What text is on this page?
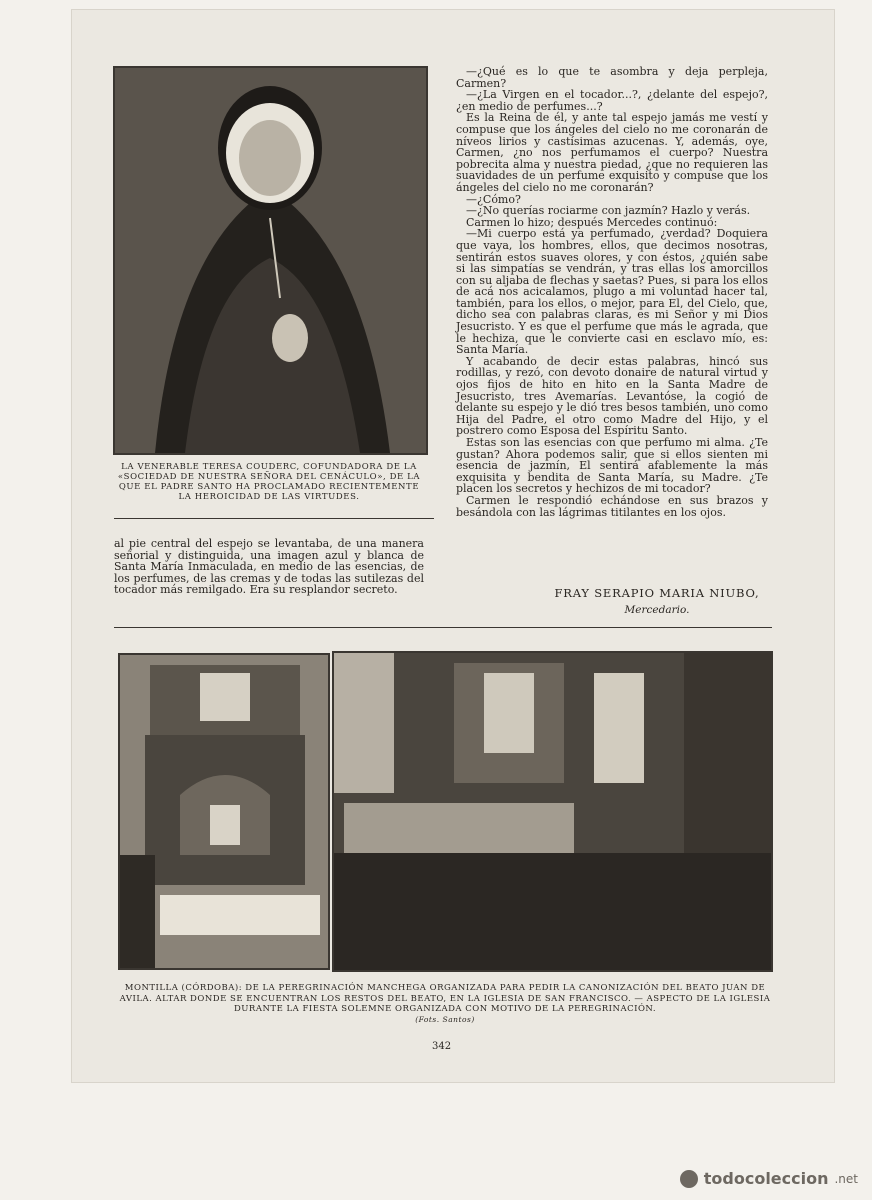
LA VENERABLE TERESA COUDERC, COFUNDADORA DE LA «SOCIEDAD DE NUESTRA SEÑORA DEL CENÁCULO», DE LA QUE EL PADRE SANTO HA PROCLAMADO RECIENTEMENTE LA HEROICIDAD DE LAS VIRTUDES.

—¿Qué es lo que te asombra y deja perpleja, Carmen?

—¿La Virgen en el tocador...?, ¿delante del espejo?, ¿en medio de perfumes...?

Es la Reina de él, y ante tal espejo jamás me vestí y compuse que los ángeles del cielo no me coronarán de níveos lirios y castísimas azucenas. Y, además, oye, Carmen, ¿no nos perfumamos el cuerpo? Nuestra pobrecita alma y nuestra piedad, ¿que no requieren las suavidades de un perfume exquisito y compuse que los ángeles del cielo no me coronarán?

—¿Cómo?

—¿No querías rociarme con jazmín? Hazlo y verás.

Carmen lo hizo; después Mercedes continuó:

—Mi cuerpo está ya perfumado, ¿verdad? Doquiera que vaya, los hombres, ellos, que decimos nosotras, sentirán estos suaves olores, y con éstos, ¿quién sabe si las simpatías se vendrán, y tras ellas los amorcillos con su aljaba de flechas y saetas? Pues, si para los ellos de acá nos acicalamos, plugo a mi voluntad hacer tal, también, para los ellos, o mejor, para El, del Cielo, que, dicho sea con palabras claras, es mi Señor y mi Dios Jesucristo. Y es que el perfume que más le agrada, que le hechiza, que le convierte casi en esclavo mío, es: Santa María.

Y acabando de decir estas palabras, hincó sus rodillas, y rezó, con devoto donaire de natural virtud y ojos fijos de hito en hito en la Santa Madre de Jesucristo, tres Avemarías. Levantóse, la cogió de delante su espejo y le dió tres besos también, uno como Hija del Padre, el otro como Madre del Hijo, y el postrero como Esposa del Espíritu Santo.

Estas son las esencias con que perfumo mi alma. ¿Te gustan? Ahora podemos salir, que si ellos sienten mi esencia de jazmín, El sentirá afablemente la más exquisita y bendita de Santa María, su Madre. ¿Te placen los secretos y hechizos de mi tocador?

Carmen le respondió echándose en sus brazos y besándola con las lágrimas titilantes en los ojos.

al pie central del espejo se levantaba, de una manera señorial y distinguida, una imagen azul y blanca de Santa María Inmaculada, en medio de las esencias, de los perfumes, de las cremas y de todas las sutilezas del tocador más remilgado. Era su resplandor secreto.	FRAY SERAPIO MARIA NIUBO,
Mercedario.
MONTILLA (CÓRDOBA): DE LA PEREGRINACIÓN MANCHEGA ORGANIZADA PARA PEDIR LA CANONIZACIÓN DEL BEATO JUAN DE AVILA. ALTAR DONDE SE ENCUENTRAN LOS RESTOS DEL BEATO, EN LA IGLESIA DE SAN FRANCISCO. — ASPECTO DE LA IGLESIA DURANTE LA FIESTA SOLEMNE ORGANIZADA CON MOTIVO DE LA PEREGRINACIÓN.
(Fots. Santos)
342
todocoleccion .net
